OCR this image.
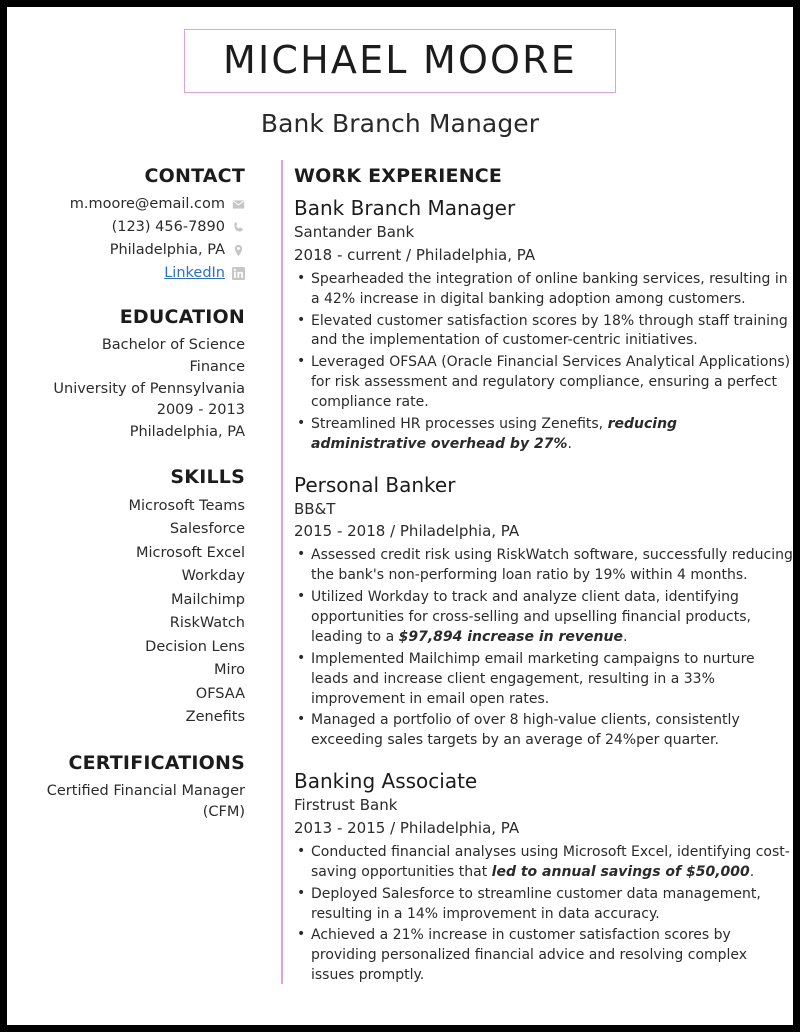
MICHAEL MOORE
Bank Branch Manager
CONTACT
m.moore@email.com
(123) 456-7890
Philadelphia, PA
LinkedIn
EDUCATION
Bachelor of Science
Finance
University of Pennsylvania
2009 - 2013
Philadelphia, PA
SKILLS
Microsoft Teams
Salesforce
Microsoft Excel
Workday
Mailchimp
RiskWatch
Decision Lens
Miro
OFSAA
Zenefits
CERTIFICATIONS
Certified Financial Manager (CFM)
WORK EXPERIENCE
Bank Branch Manager
Santander Bank
2018 - current / Philadelphia, PA
• Spearheaded the integration of online banking services, resulting in a 42% increase in digital banking adoption among customers.
• Elevated customer satisfaction scores by 18% through staff training and the implementation of customer-centric initiatives.
• Leveraged OFSAA (Oracle Financial Services Analytical Applications) for risk assessment and regulatory compliance, ensuring a perfect compliance rate.
• Streamlined HR processes using Zenefits, reducing administrative overhead by 27%.
Personal Banker
BB&T
2015 - 2018 / Philadelphia, PA
• Assessed credit risk using RiskWatch software, successfully reducing the bank's non-performing loan ratio by 19% within 4 months.
• Utilized Workday to track and analyze client data, identifying opportunities for cross-selling and upselling financial products, leading to a $97,894 increase in revenue.
• Implemented Mailchimp email marketing campaigns to nurture leads and increase client engagement, resulting in a 33% improvement in email open rates.
• Managed a portfolio of over 8 high-value clients, consistently exceeding sales targets by an average of 24%per quarter.
Banking Associate
Firstrust Bank
2013 - 2015 / Philadelphia, PA
• Conducted financial analyses using Microsoft Excel, identifying cost-saving opportunities that led to annual savings of $50,000.
• Deployed Salesforce to streamline customer data management, resulting in a 14% improvement in data accuracy.
• Achieved a 21% increase in customer satisfaction scores by providing personalized financial advice and resolving complex issues promptly.
